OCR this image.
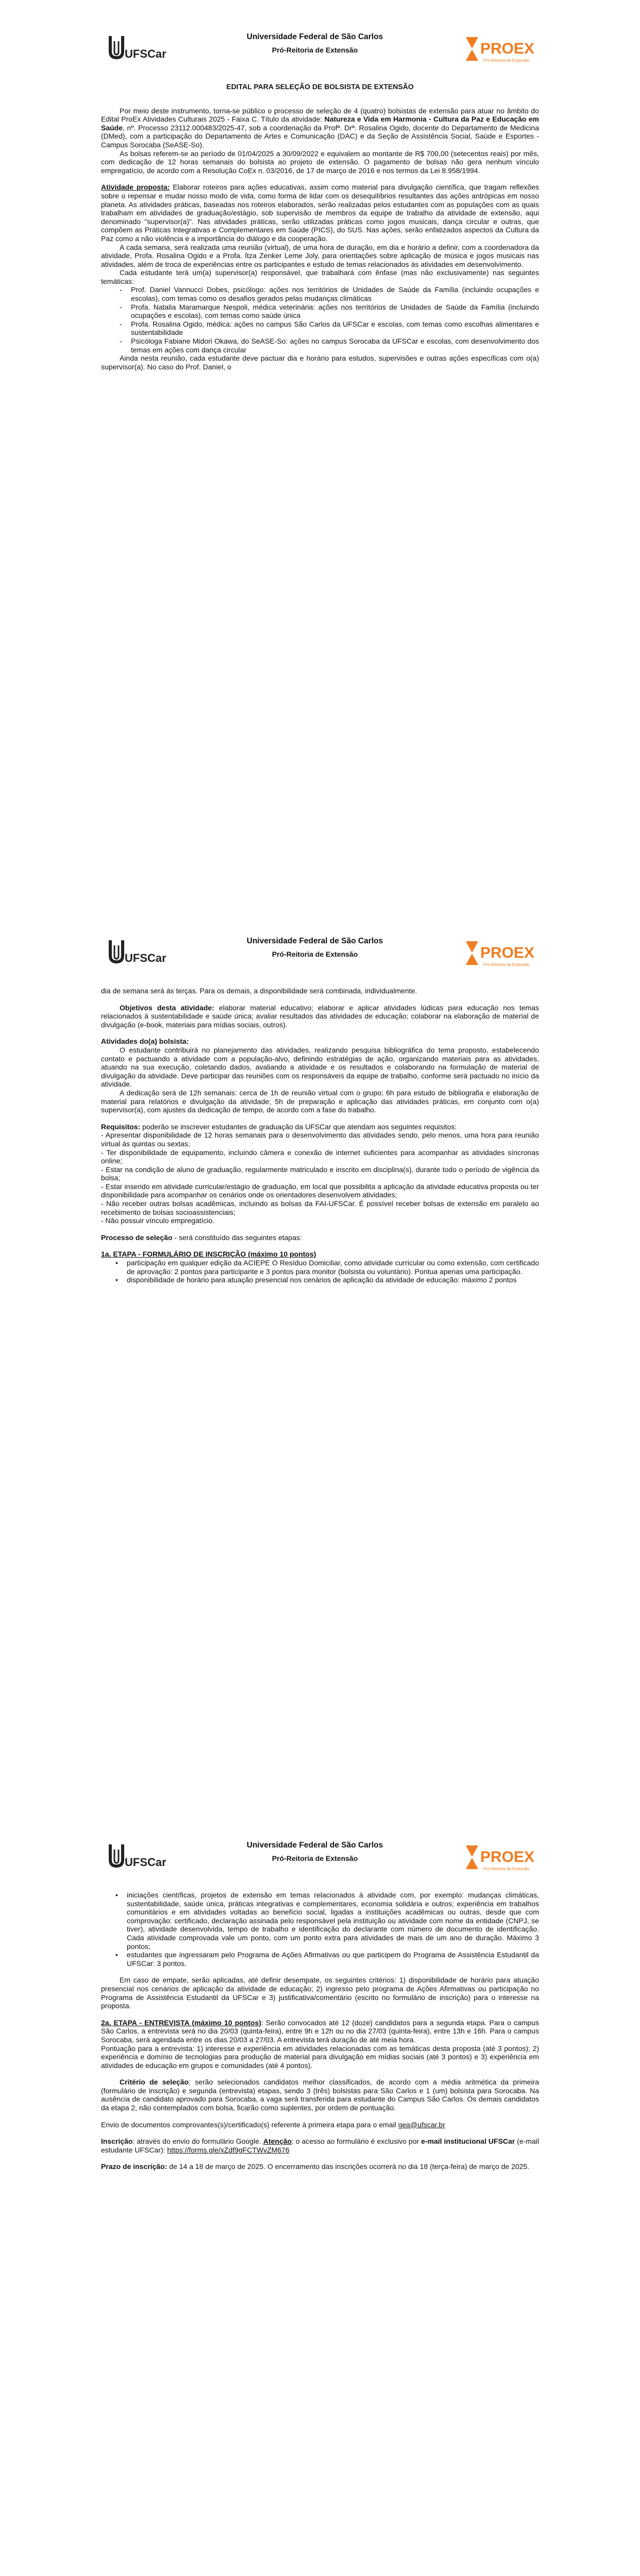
UFSCar
Universidade Federal de São Carlos
Pró-Reitoria de Extensão	PROEX
Pró-Reitoria de Extensão
EDITAL PARA SELEÇÃO DE BOLSISTA DE EXTENSÃO

Por meio deste instrumento, torna-se público o processo de seleção de 4 (quatro) bolsistas de extensão para atuar no âmbito do Edital ProEx Atividades Culturais 2025 - Faixa C. Título da atividade: Natureza e Vida em Harmonia - Cultura da Paz e Educação em Saúde, nº. Processo 23112.000483/2025-47, sob a coordenação da Profª. Drª. Rosalina Ogido, docente do Departamento de Medicina (DMed), com a participação do Departamento de Artes e Comunicação (DAC) e da Seção de Assistência Social, Saúde e Esportes - Campus Sorocaba (SeASE-So).

As bolsas referem-se ao período de 01/04/2025 a 30/09/2022 e equivalem ao montante de R$ 700,00 (setecentos reais) por mês, com dedicação de 12 horas semanais do bolsista ao projeto de extensão. O pagamento de bolsas não gera nenhum vínculo empregatício, de acordo com a Resolução CoEx n. 03/2016, de 17 de março de 2016 e nos termos da Lei 8.958/1994.

Atividade proposta: Elaborar roteiros para ações educativas, assim como material para divulgação científica, que tragam reflexões sobre o repensar e mudar nosso modo de vida, como forma de lidar com os desequilíbrios resultantes das ações antrópicas em nosso planeta. As atividades práticas, baseadas nos roteiros elaborados, serão realizadas pelos estudantes com as populações com as quais trabalham em atividades de graduação/estágio, sob supervisão de membros da equipe de trabalho da atividade de extensão, aqui denominado "supervisor(a)". Nas atividades práticas, serão utilizadas práticas como jogos musicais, dança circular e outras, que compõem as Práticas Integrativas e Complementares em Saúde (PICS), do SUS. Nas ações, serão enfatizados aspectos da Cultura da Paz como a não violência e a importância do diálogo e da cooperação.

A cada semana, será realizada uma reunião (virtual), de uma hora de duração, em dia e horário a definir, com a coordenadora da atividade, Profa. Rosalina Ogido e a Profa. Ítza Zenker Leme Joly, para orientações sobre aplicação de música e jogos musicais nas atividades, além de troca de experiências entre os participantes e estudo de temas relacionados às atividades em desenvolvimento.

Cada estudante terá um(a) supervisor(a) responsável, que trabalhará com ênfase (mas não exclusivamente) nas seguintes temáticas:

- Prof. Daniel Vannucci Dobes, psicólogo: ações nos territórios de Unidades de Saúde da Família (incluindo ocupações e escolas), com temas como os desafios gerados pelas mudanças climáticas
- Profa. Natalia Maramarque Nespoli, médica veterinária: ações nos territórios de Unidades de Saúde da Família (incluindo ocupações e escolas), com temas como saúde única
- Profa. Rosalina Ogido, médica: ações no campus São Carlos da UFSCar e escolas, com temas como escolhas alimentares e sustentabilidade
- Psicóloga Fabiane Midori Okawa, do SeASE-So: ações no campus Sorocaba da UFSCar e escolas, com desenvolvimento dos temas em ações com dança circular

Ainda nesta reunião, cada estudante deve pactuar dia e horário para estudos, supervisões e outras ações específicas com o(a) supervisor(a). No caso do Prof. Daniel, o

UFSCar
Universidade Federal de São Carlos
Pró-Reitoria de Extensão	PROEX
Pró-Reitoria de Extensão

dia de semana será às terças. Para os demais, a disponibilidade será combinada, individualmente.

Objetivos desta atividade: elaborar material educativo; elaborar e aplicar atividades lúdicas para educação nos temas relacionados à sustentabilidade e saúde única; avaliar resultados das atividades de educação; colaborar na elaboração de material de divulgação (e-book, materiais para mídias sociais, outros).

Atividades do(a) bolsista:

O estudante contribuirá no planejamento das atividades, realizando pesquisa bibliográfica do tema proposto, estabelecendo contato e pactuando a atividade com a população-alvo, definindo estratégias de ação, organizando materiais para as atividades, atuando na sua execução, coletando dados, avaliando a atividade e os resultados e colaborando na formulação de material de divulgação da atividade. Deve participar das reuniões com os responsáveis da equipe de trabalho, conforme será pactuado no início da atividade.

A dedicação será de 12h semanais: cerca de 1h de reunião virtual com o grupo; 6h para estudo de bibliografia e elaboração de material para relatórios e divulgação da atividade; 5h de preparação e aplicação das atividades práticas, em conjunto com o(a) supervisor(a), com ajustes da dedicação de tempo, de acordo com a fase do trabalho.

Requisitos: poderão se inscrever estudantes de graduação da UFSCar que atendam aos seguintes requisitos:

- Apresentar disponibilidade de 12 horas semanais para o desenvolvimento das atividades sendo, pelo menos, uma hora para reunião virtual às quintas ou sextas;

- Ter disponibilidade de equipamento, incluindo câmera e conexão de internet suficientes para acompanhar as atividades síncronas online;

- Estar na condição de aluno de graduação, regularmente matriculado e inscrito em disciplina(s), durante todo o período de vigência da bolsa;

- Estar inserido em atividade curricular/estágio de graduação, em local que possibilita a aplicação da atividade educativa proposta ou ter disponibilidade para acompanhar os cenários onde os orientadores desenvolvem atividades;

- Não receber outras bolsas acadêmicas, incluindo as bolsas da FAI-UFSCar. É possível receber bolsas de extensão em paralelo ao recebimento de bolsas socioassistenciais;

- Não possuir vínculo empregatício.

Processo de seleção - será constituído das seguintes etapas:

1a. ETAPA - FORMULÁRIO DE INSCRIÇÃO (máximo 10 pontos)

• participação em qualquer edição da ACIEPE O Resíduo Domiciliar, como atividade curricular ou como extensão, com certificado de aprovação: 2 pontos para participante e 3 pontos para monitor (bolsista ou voluntário). Pontua apenas uma participação.
• disponibilidade de horário para atuação presencial nos cenários de aplicação da atividade de educação: máximo 2 pontos
UFSCar
Universidade Federal de São Carlos
Pró-Reitoria de Extensão	PROEX
Pró-Reitoria de Extensão
• iniciações científicas, projetos de extensão em temas relacionados à atividade com, por exemplo: mudanças climáticas, sustentabilidade, saúde única, práticas integrativas e complementares, economia solidária e outros; experiência em trabalhos comunitários e em atividades voltadas ao benefício social, ligadas a instituições acadêmicas ou outras, desde que com comprovação: certificado, declaração assinada pelo responsável pela instituição ou atividade com nome da entidade (CNPJ, se tiver), atividade desenvolvida, tempo de trabalho e identificação do declarante com número de documento de identificação. Cada atividade comprovada vale um ponto, com um ponto extra para atividades de mais de um ano de duração. Máximo 3 pontos;
• estudantes que ingressaram pelo Programa de Ações Afirmativas ou que participem do Programa de Assistência Estudantil da UFSCar: 3 pontos.

Em caso de empate, serão aplicadas, até definir desempate, os seguintes critérios: 1) disponibilidade de horário para atuação presencial nos cenários de aplicação da atividade de educação; 2) ingresso pelo programa de Ações Afirmativas ou participação no Programa de Assistência Estudantil da UFSCar e 3) justificativa/comentário (escrito no formulário de inscrição) para o interesse na proposta.

2a. ETAPA - ENTREVISTA (máximo 10 pontos): Serão convocados até 12 (doze) candidatos para a segunda etapa. Para o campus São Carlos, a entrevista será no dia 20/03 (quinta-feira), entre 9h e 12h ou no dia 27/03 (quinta-feira), entre 13h e 16h. Para o campus Sorocaba, será agendada entre os dias 20/03 a 27/03. A entrevista terá duração de até meia hora.

Pontuação para a entrevista: 1) interesse e experiência em atividades relacionadas com as temáticas desta proposta (até 3 pontos); 2) experiência e domínio de tecnologias para produção de material para divulgação em mídias sociais (até 3 pontos) e 3) experiência em atividades de educação em grupos e comunidades (até 4 pontos).

Critério de seleção: serão selecionados candidatos melhor classificados, de acordo com a média aritmética da primeira (formulário de inscrição) e segunda (entrevista) etapas, sendo 3 (três) bolsistas para São Carlos e 1 (um) bolsista para Sorocaba. Na ausência de candidato aprovado para Sorocaba, a vaga será transferida para estudante do Campus São Carlos. Os demais candidatos da etapa 2, não contemplados com bolsa, ficarão como suplentes, por ordem de pontuação.

Envio de documentos comprovantes(s)/certificado(s) referente à primeira etapa para o email gea@ufscar.br

Inscrição: através do envio do formulário Google. Atenção: o acesso ao formulário é exclusivo por e-mail institucional UFSCar (e-mail estudante UFSCar): https://forms.gle/xZdf9gFCTWvZM676

Prazo de inscrição: de 14 a 18 de março de 2025. O encerramento das inscrições ocorrerá no dia 18 (terça-feira) de março de 2025.
